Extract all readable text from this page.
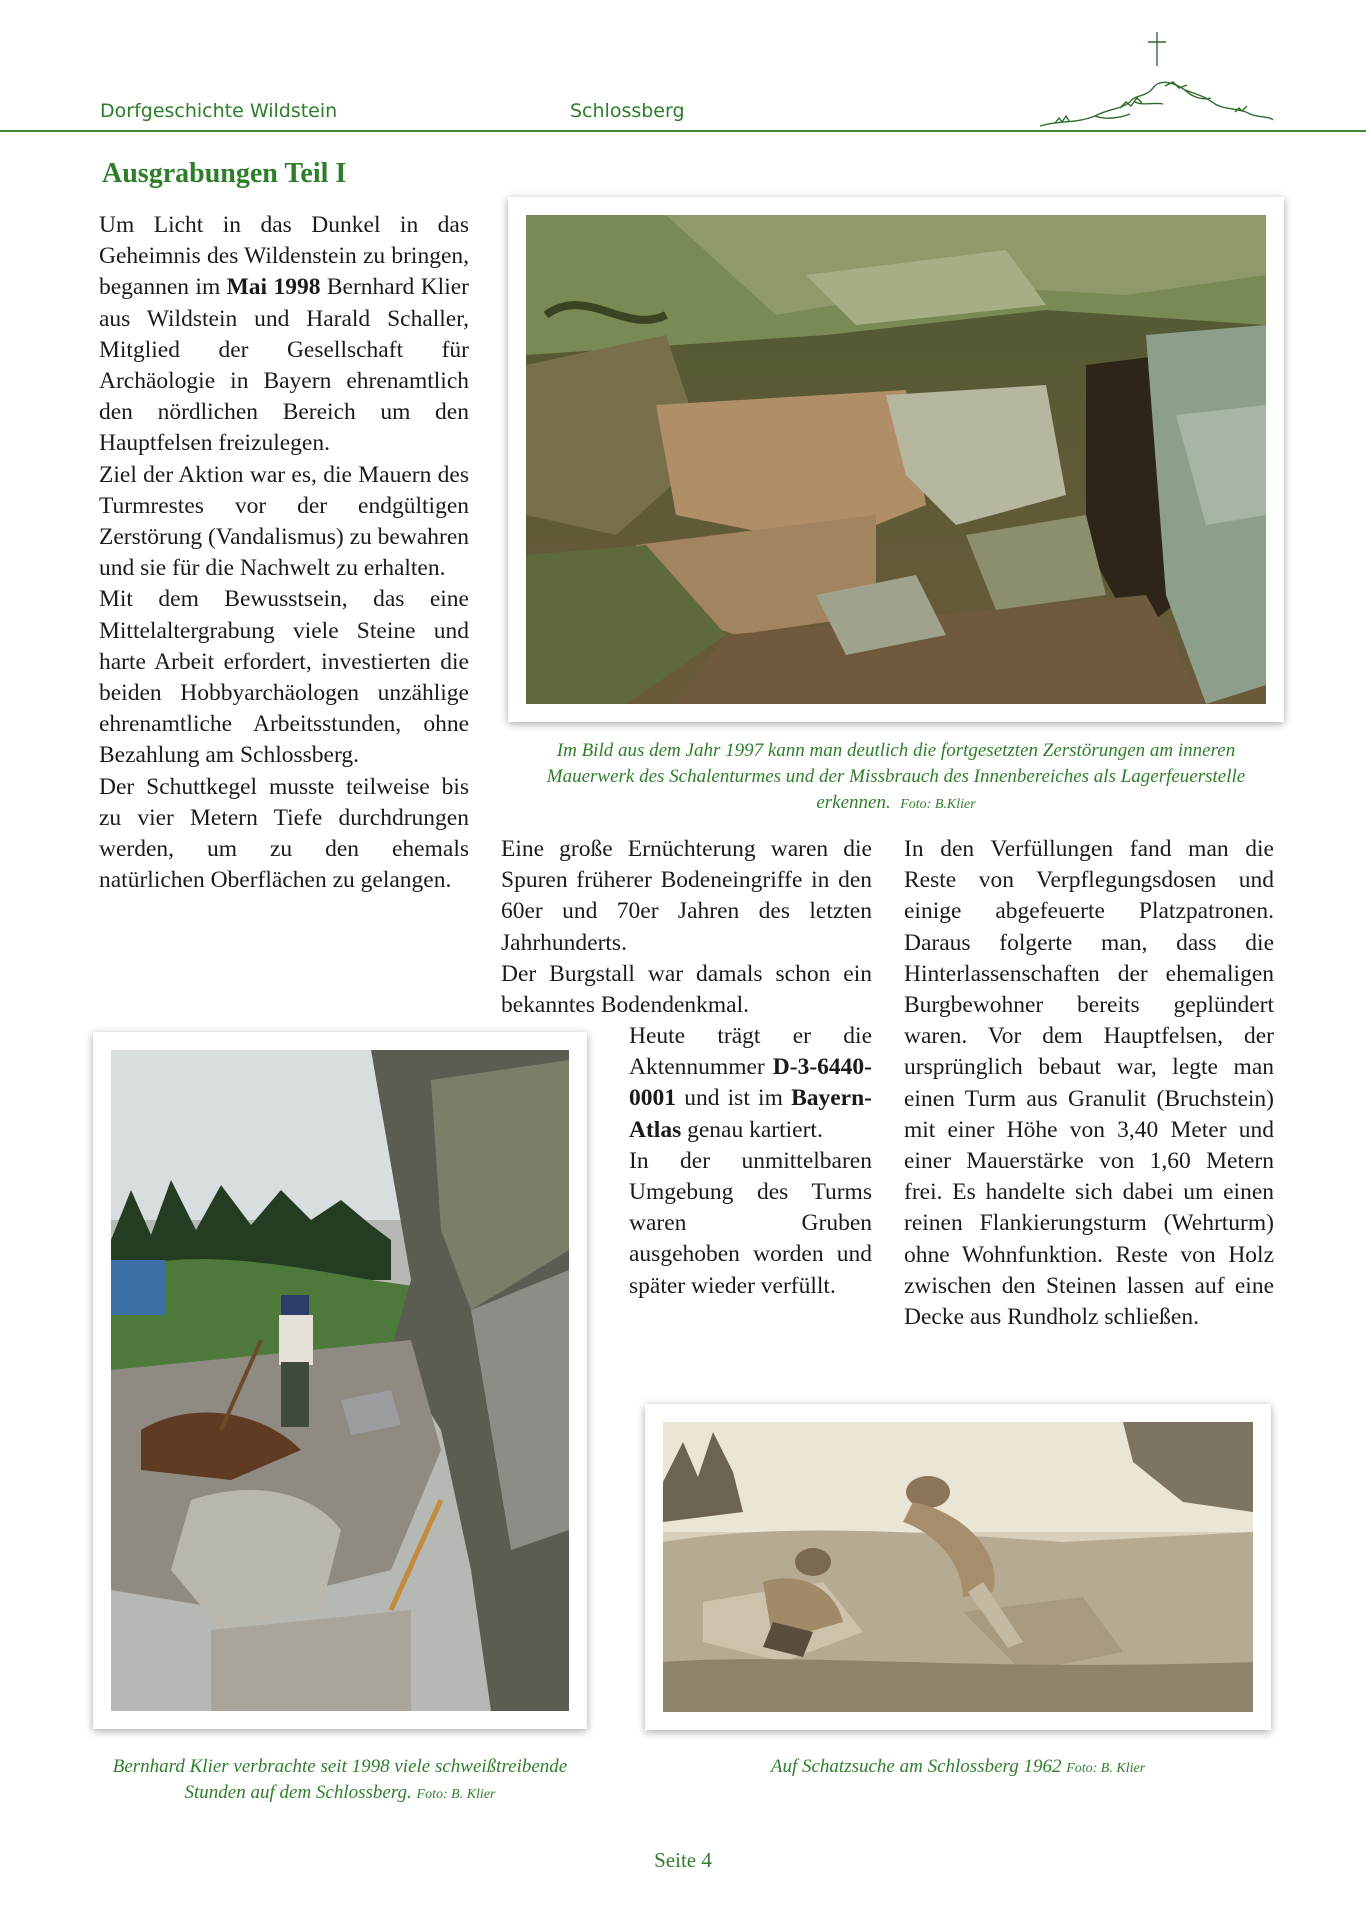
Dorfgeschichte Wildstein	Schlossberg
Ausgrabungen Teil I

Um Licht in das Dunkel in das Geheimnis des Wildenstein zu bringen, begannen im Mai 1998 Bernhard Klier aus Wildstein und Harald Schaller, Mitglied der Gesellschaft für Archäologie in Bayern ehrenamtlich den nördlichen Bereich um den Hauptfelsen freizulegen.

Ziel der Aktion war es, die Mauern des Turmrestes vor der endgültigen Zerstörung (Vandalismus) zu bewahren und sie für die Nachwelt zu erhalten.

Mit dem Bewusstsein, das eine Mittelaltergrabung viele Steine und harte Arbeit erfordert, investierten die beiden Hobbyarchäologen unzählige ehrenamtliche Arbeitsstunden, ohne Bezahlung am Schlossberg.

Der Schuttkegel musste teilweise bis zu vier Metern Tiefe durchdrungen werden, um zu den ehemals natürlichen Oberflächen zu gelangen.

Im Bild aus dem Jahr 1997 kann man deutlich die fortgesetzten Zerstörungen am inneren
Mauerwerk des Schalenturmes und der Missbrauch des Innenbereiches als Lagerfeuerstelle
erkennen. Foto: B.Klier

Eine große Ernüchterung waren die Spuren früherer Bodeneingriffe in den 60er und 70er Jahren des letzten Jahrhunderts.

Der Burgstall war damals schon ein bekanntes Bodendenkmal.

Heute trägt er die Aktennummer D-3-6440-0001 und ist im Bayern-Atlas genau kartiert.

In der unmittelbaren Umgebung des Turms waren Gruben ausgehoben worden und später wieder verfüllt.

In den Verfüllungen fand man die Reste von Verpflegungsdosen und einige abgefeuerte Platzpatronen. Daraus folgerte man, dass die Hinterlassenschaften der ehemaligen Burgbewohner bereits geplündert waren. Vor dem Hauptfelsen, der ursprünglich bebaut war, legte man einen Turm aus Granulit (Bruchstein) mit einer Höhe von 3,40 Meter und einer Mauerstärke von 1,60 Metern frei. Es handelte sich dabei um einen reinen Flankierungsturm (Wehrturm) ohne Wohnfunktion. Reste von Holz zwischen den Steinen lassen auf eine Decke aus Rundholz schließen.

Bernhard Klier verbrachte seit 1998 viele schweißtreibende
Stunden auf dem Schlossberg. Foto: B. Klier
Auf Schatzsuche am Schlossberg 1962 Foto: B. Klier
Seite 4
